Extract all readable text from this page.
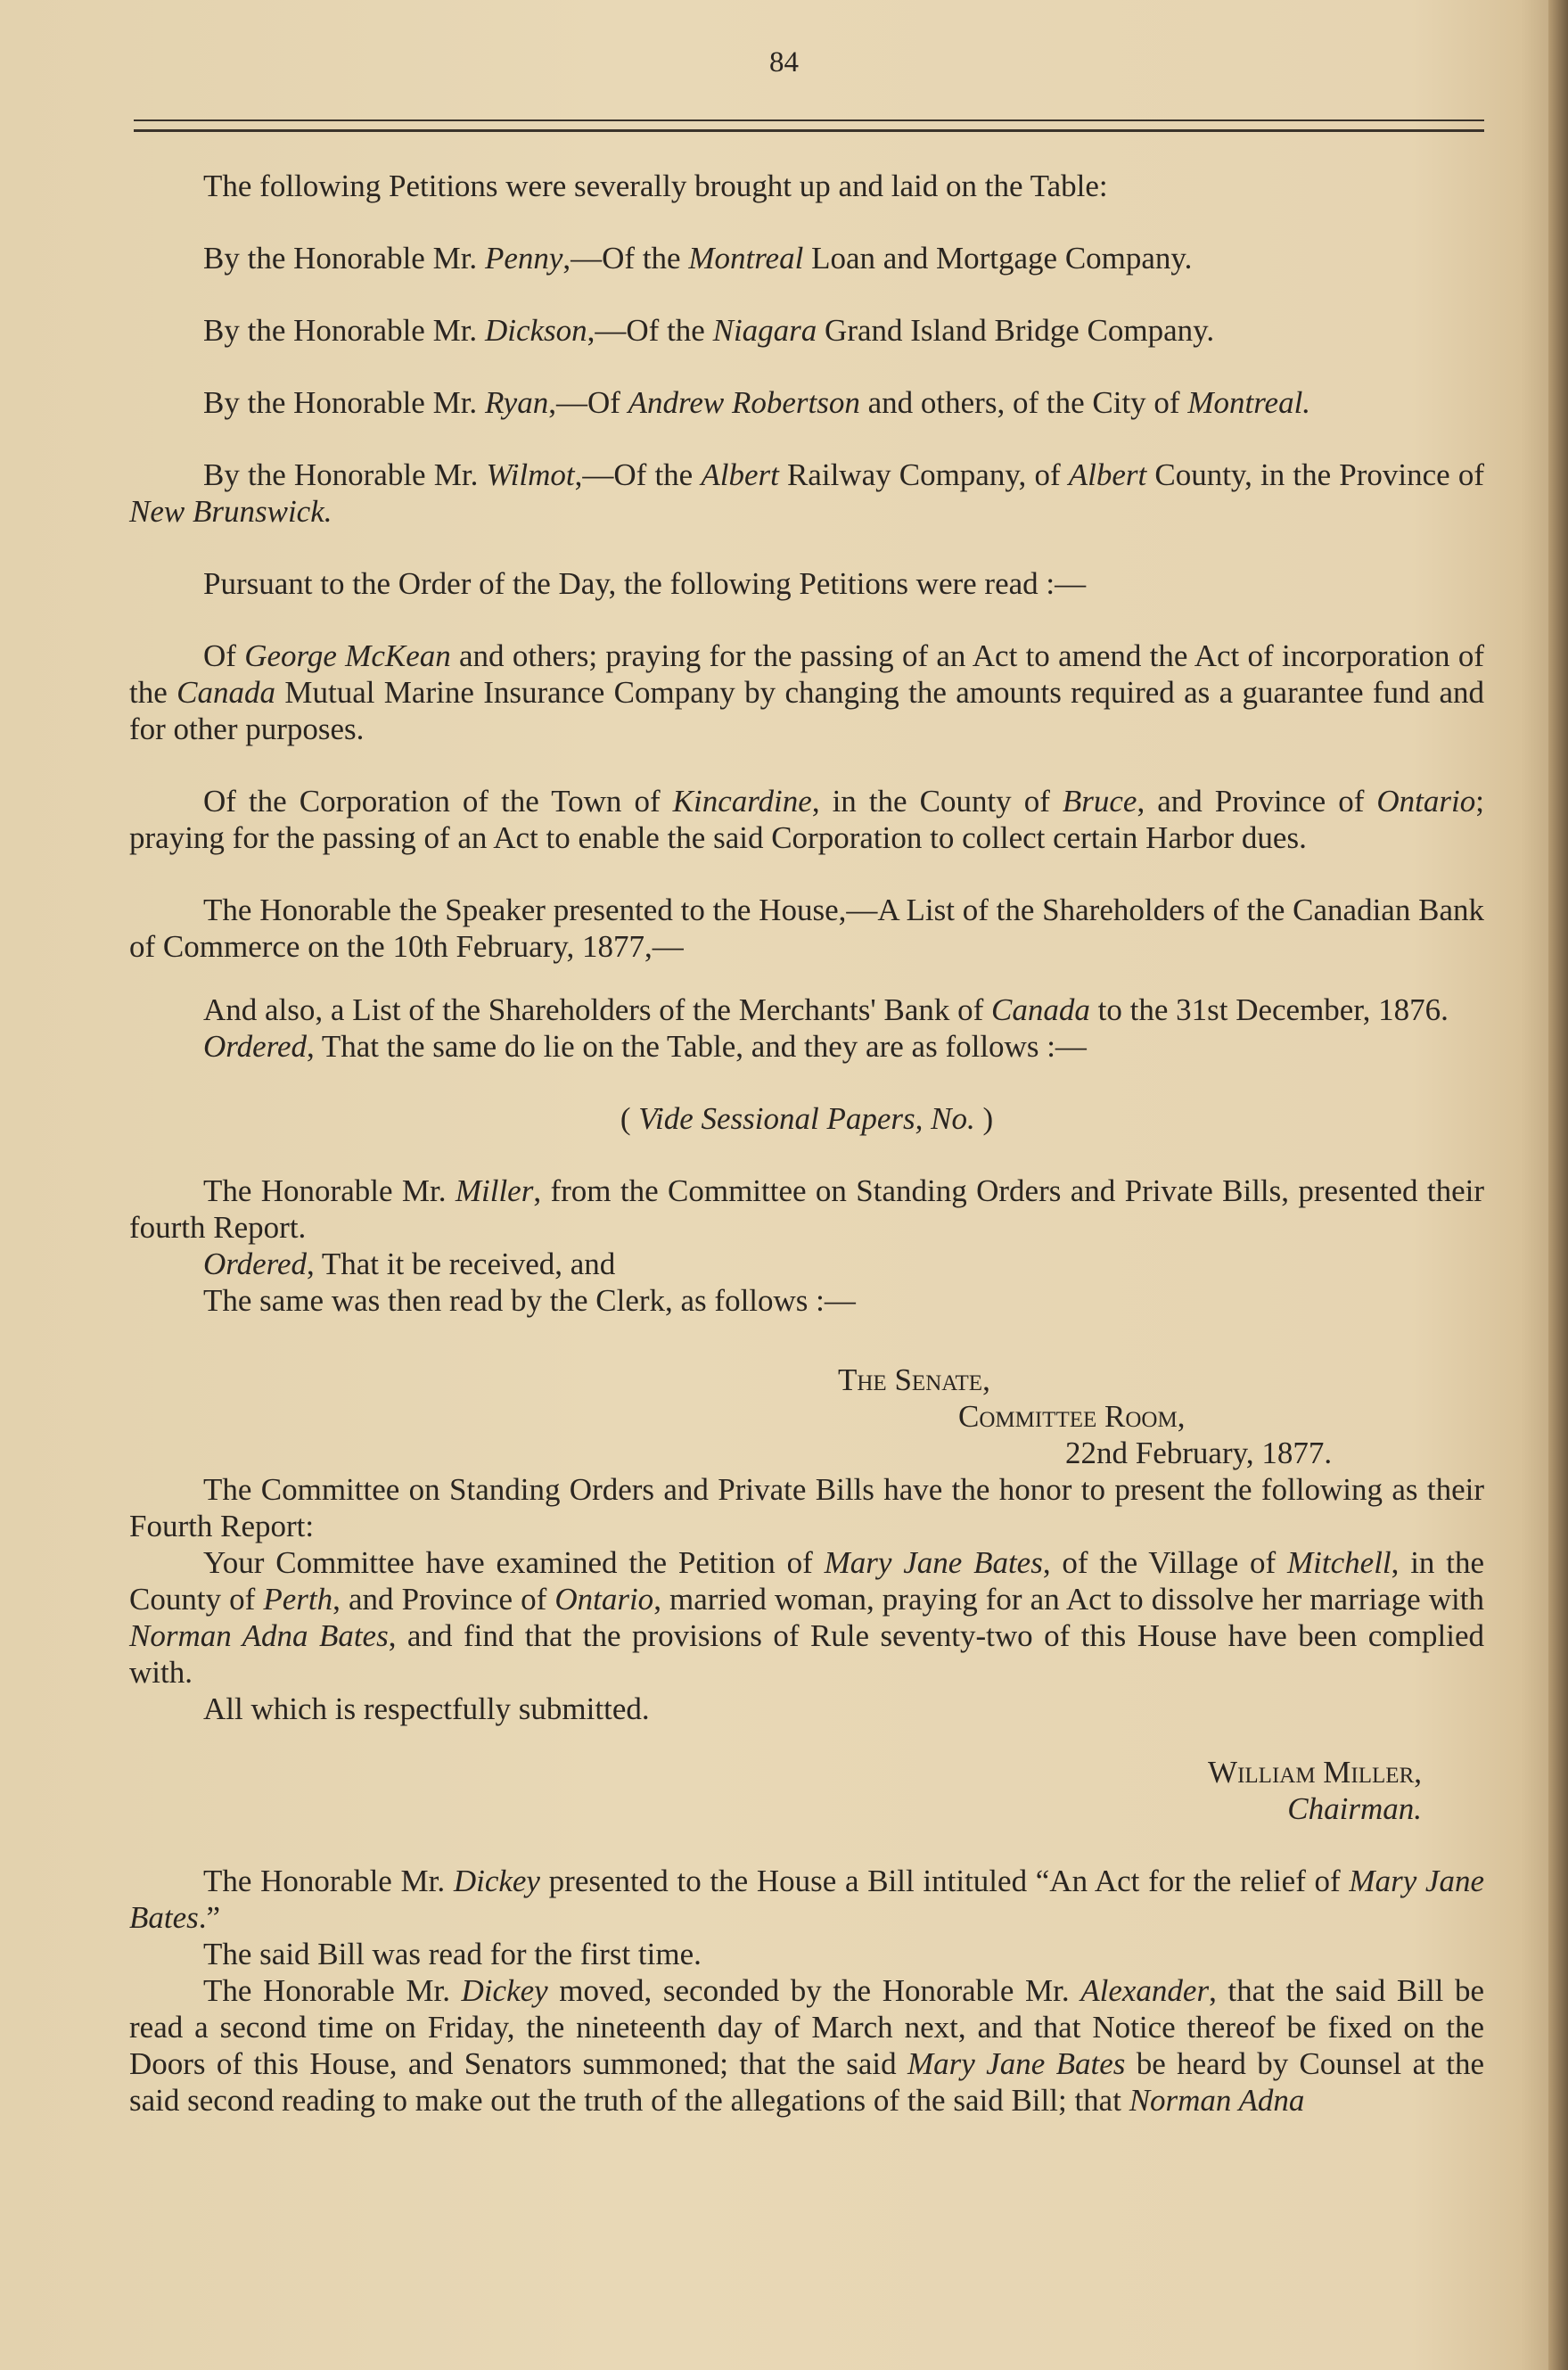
84

The following Petitions were severally brought up and laid on the Table:

By the Honorable Mr. Penny,—Of the Montreal Loan and Mortgage Company.

By the Honorable Mr. Dickson,—Of the Niagara Grand Island Bridge Company.

By the Honorable Mr. Ryan,—Of Andrew Robertson and others, of the City of Montreal.

By the Honorable Mr. Wilmot,—Of the Albert Railway Company, of Albert County, in the Province of New Brunswick.

Pursuant to the Order of the Day, the following Petitions were read :—

Of George McKean and others; praying for the passing of an Act to amend the Act of incorporation of the Canada Mutual Marine Insurance Company by changing the amounts required as a guarantee fund and for other purposes.

Of the Corporation of the Town of Kincardine, in the County of Bruce, and Province of Ontario; praying for the passing of an Act to enable the said Corporation to collect certain Harbor dues.

The Honorable the Speaker presented to the House,—A List of the Shareholders of the Canadian Bank of Commerce on the 10th February, 1877,—

And also, a List of the Shareholders of the Merchants' Bank of Canada to the 31st December, 1876.

Ordered, That the same do lie on the Table, and they are as follows :—

( Vide Sessional Papers, No. )

The Honorable Mr. Miller, from the Committee on Standing Orders and Private Bills, presented their fourth Report.

Ordered, That it be received, and

The same was then read by the Clerk, as follows :—

The Senate,

Committee Room,

22nd February, 1877.

The Committee on Standing Orders and Private Bills have the honor to present the following as their Fourth Report:

Your Committee have examined the Petition of Mary Jane Bates, of the Village of Mitchell, in the County of Perth, and Province of Ontario, married woman, praying for an Act to dissolve her marriage with Norman Adna Bates, and find that the provisions of Rule seventy-two of this House have been complied with.

All which is respectfully submitted.

William Miller,

Chairman.

The Honorable Mr. Dickey presented to the House a Bill intituled “An Act for the relief of Mary Jane Bates.”

The said Bill was read for the first time.

The Honorable Mr. Dickey moved, seconded by the Honorable Mr. Alexander, that the said Bill be read a second time on Friday, the nineteenth day of March next, and that Notice thereof be fixed on the Doors of this House, and Senators summoned; that the said Mary Jane Bates be heard by Counsel at the said second reading to make out the truth of the allegations of the said Bill; that Norman Adna
